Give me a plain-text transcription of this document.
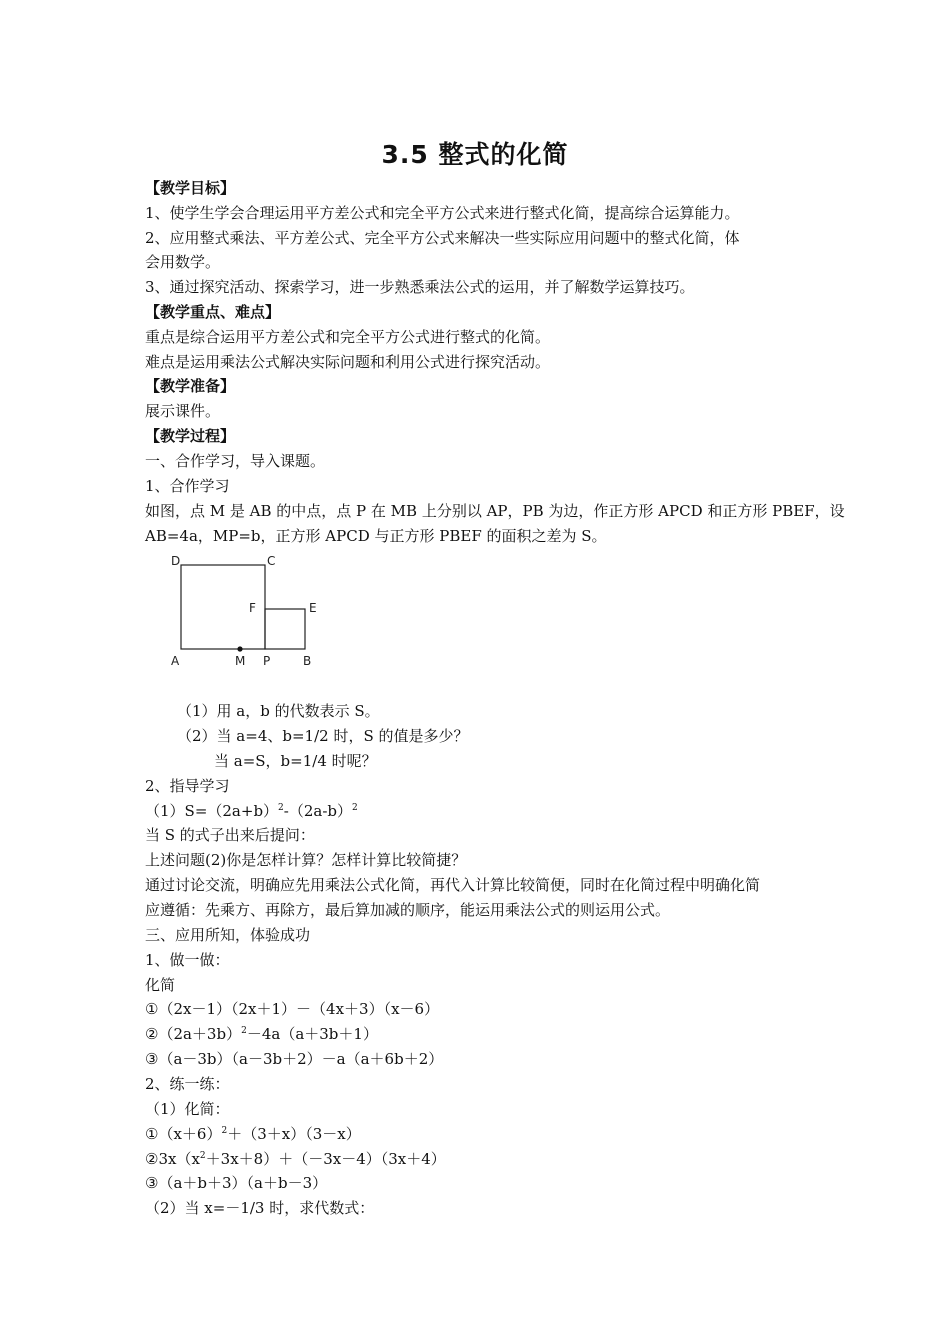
3.5 整式的化简
【教学目标】
1、使学生学会合理运用平方差公式和完全平方公式来进行整式化简，提高综合运算能力。
2、应用整式乘法、平方差公式、完全平方公式来解决一些实际应用问题中的整式化简，体
会用数学。
3、通过探究活动、探索学习，进一步熟悉乘法公式的运用，并了解数学运算技巧。
【教学重点、难点】
重点是综合运用平方差公式和完全平方公式进行整式的化简。
难点是运用乘法公式解决实际问题和利用公式进行探究活动。
【教学准备】
展示课件。
【教学过程】
一、合作学习，导入课题。
1、合作学习
如图，点 M 是 AB 的中点，点 P 在 MB 上分别以 AP，PB 为边，作正方形 APCD 和正方形 PBEF，设
AB=4a，MP=b，正方形 APCD 与正方形 PBEF 的面积之差为 S。
D	C
F	E
A	M P	B
（1）用 a，b 的代数表示 S。
（2）当 a=4、b=1/2 时，S 的值是多少？
当 a=S，b=1/4 时呢？
2、指导学习
$(1)S=(2a+b)^2-(2a-b)^2$
当 S 的式子出来后提问：
上述问题(2)你是怎样计算？怎样计算比较简捷？
通过讨论交流，明确应先用乘法公式化简，再代入计算比较简便，同时在化简过程中明确化简
应遵循：先乘方、再除方，最后算加减的顺序，能运用乘法公式的则运用公式。
三、应用所知，体验成功
1、做一做：
化简
①（2x－1）（2x＋1）－（4x＋3）（x－6）
$②(2a+3b)^2-4a(a+3b+1)$
③（a－3b）（a－3b＋2）－a（a＋6b＋2）
2、练一练：
（1）化简：
$①(x+6)^2+(3+x)(3-x)$
$②3x(x^2+3x+8)+(-3x-4)(3x+4)$
③（a＋b＋3）（a＋b－3）
（2）当 x=－1/3 时，求代数式：
